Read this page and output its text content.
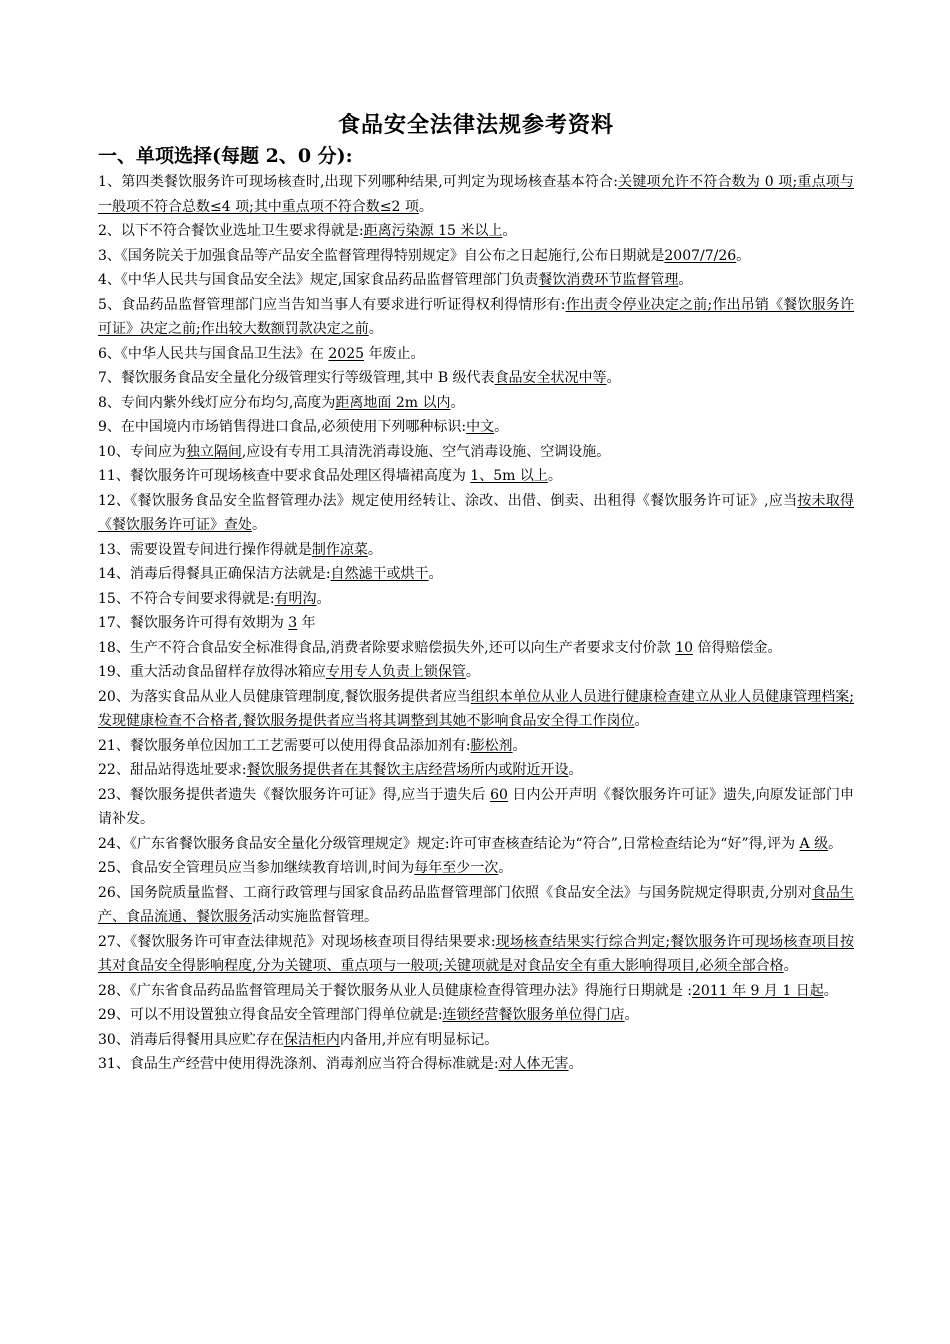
食品安全法律法规参考资料
一、单项选择(每题 2、0 分):
1、第四类餐饮服务许可现场核查时,出现下列哪种结果,可判定为现场核查基本符合:关键项允许不符合数为 0 项;重点项与一般项不符合总数≤4 项;其中重点项不符合数≤2 项。
2、以下不符合餐饮业选址卫生要求得就是:距离污染源 15 米以上。
3、《国务院关于加强食品等产品安全监督管理得特别规定》自公布之日起施行,公布日期就是2007/7/26。
4、《中华人民共与国食品安全法》规定,国家食品药品监督管理部门负责餐饮消费环节监督管理。
5、食品药品监督管理部门应当告知当事人有要求进行听证得权利得情形有:作出责令停业决定之前;作出吊销《餐饮服务许可证》决定之前;作出较大数额罚款决定之前。
6、《中华人民共与国食品卫生法》在 2025 年废止。
7、餐饮服务食品安全量化分级管理实行等级管理,其中 B 级代表食品安全状况中等。
8、专间内紫外线灯应分布均匀,高度为距离地面 2m 以内。
9、在中国境内市场销售得进口食品,必须使用下列哪种标识:中文。
10、专间应为独立隔间,应设有专用工具清洗消毒设施、空气消毒设施、空调设施。
11、餐饮服务许可现场核查中要求食品处理区得墙裙高度为 1、5m 以上。
12、《餐饮服务食品安全监督管理办法》规定使用经转让、涂改、出借、倒卖、出租得《餐饮服务许可证》,应当按未取得《餐饮服务许可证》查处。
13、需要设置专间进行操作得就是制作凉菜。
14、消毒后得餐具正确保洁方法就是:自然滤干或烘干。
15、不符合专间要求得就是:有明沟。
17、餐饮服务许可得有效期为 3 年
18、生产不符合食品安全标准得食品,消费者除要求赔偿损失外,还可以向生产者要求支付价款 10 倍得赔偿金。
19、重大活动食品留样存放得冰箱应专用专人负责上锁保管。
20、为落实食品从业人员健康管理制度,餐饮服务提供者应当组织本单位从业人员进行健康检查建立从业人员健康管理档案;发现健康检查不合格者,餐饮服务提供者应当将其调整到其她不影响食品安全得工作岗位。
21、餐饮服务单位因加工工艺需要可以使用得食品添加剂有:膨松剂。
22、甜品站得选址要求:餐饮服务提供者在其餐饮主店经营场所内或附近开设。
23、餐饮服务提供者遗失《餐饮服务许可证》得,应当于遗失后 60 日内公开声明《餐饮服务许可证》遗失,向原发证部门申请补发。
24、《广东省餐饮服务食品安全量化分级管理规定》规定:许可审查核查结论为“符合”,日常检查结论为“好”得,评为 A 级。
25、食品安全管理员应当参加继续教育培训,时间为每年至少一次。
26、国务院质量监督、工商行政管理与国家食品药品监督管理部门依照《食品安全法》与国务院规定得职责,分别对食品生产、食品流通、餐饮服务活动实施监督管理。
27、《餐饮服务许可审查法律规范》对现场核查项目得结果要求:现场核查结果实行综合判定;餐饮服务许可现场核查项目按其对食品安全得影响程度,分为关键项、重点项与一般项;关键项就是对食品安全有重大影响得项目,必须全部合格。
28、《广东省食品药品监督管理局关于餐饮服务从业人员健康检查得管理办法》得施行日期就是 :2011 年 9 月 1 日起。
29、可以不用设置独立得食品安全管理部门得单位就是:连锁经营餐饮服务单位得门店。
30、消毒后得餐用具应贮存在保洁柜内内备用,并应有明显标记。
31、食品生产经营中使用得洗涤剂、消毒剂应当符合得标准就是:对人体无害。
